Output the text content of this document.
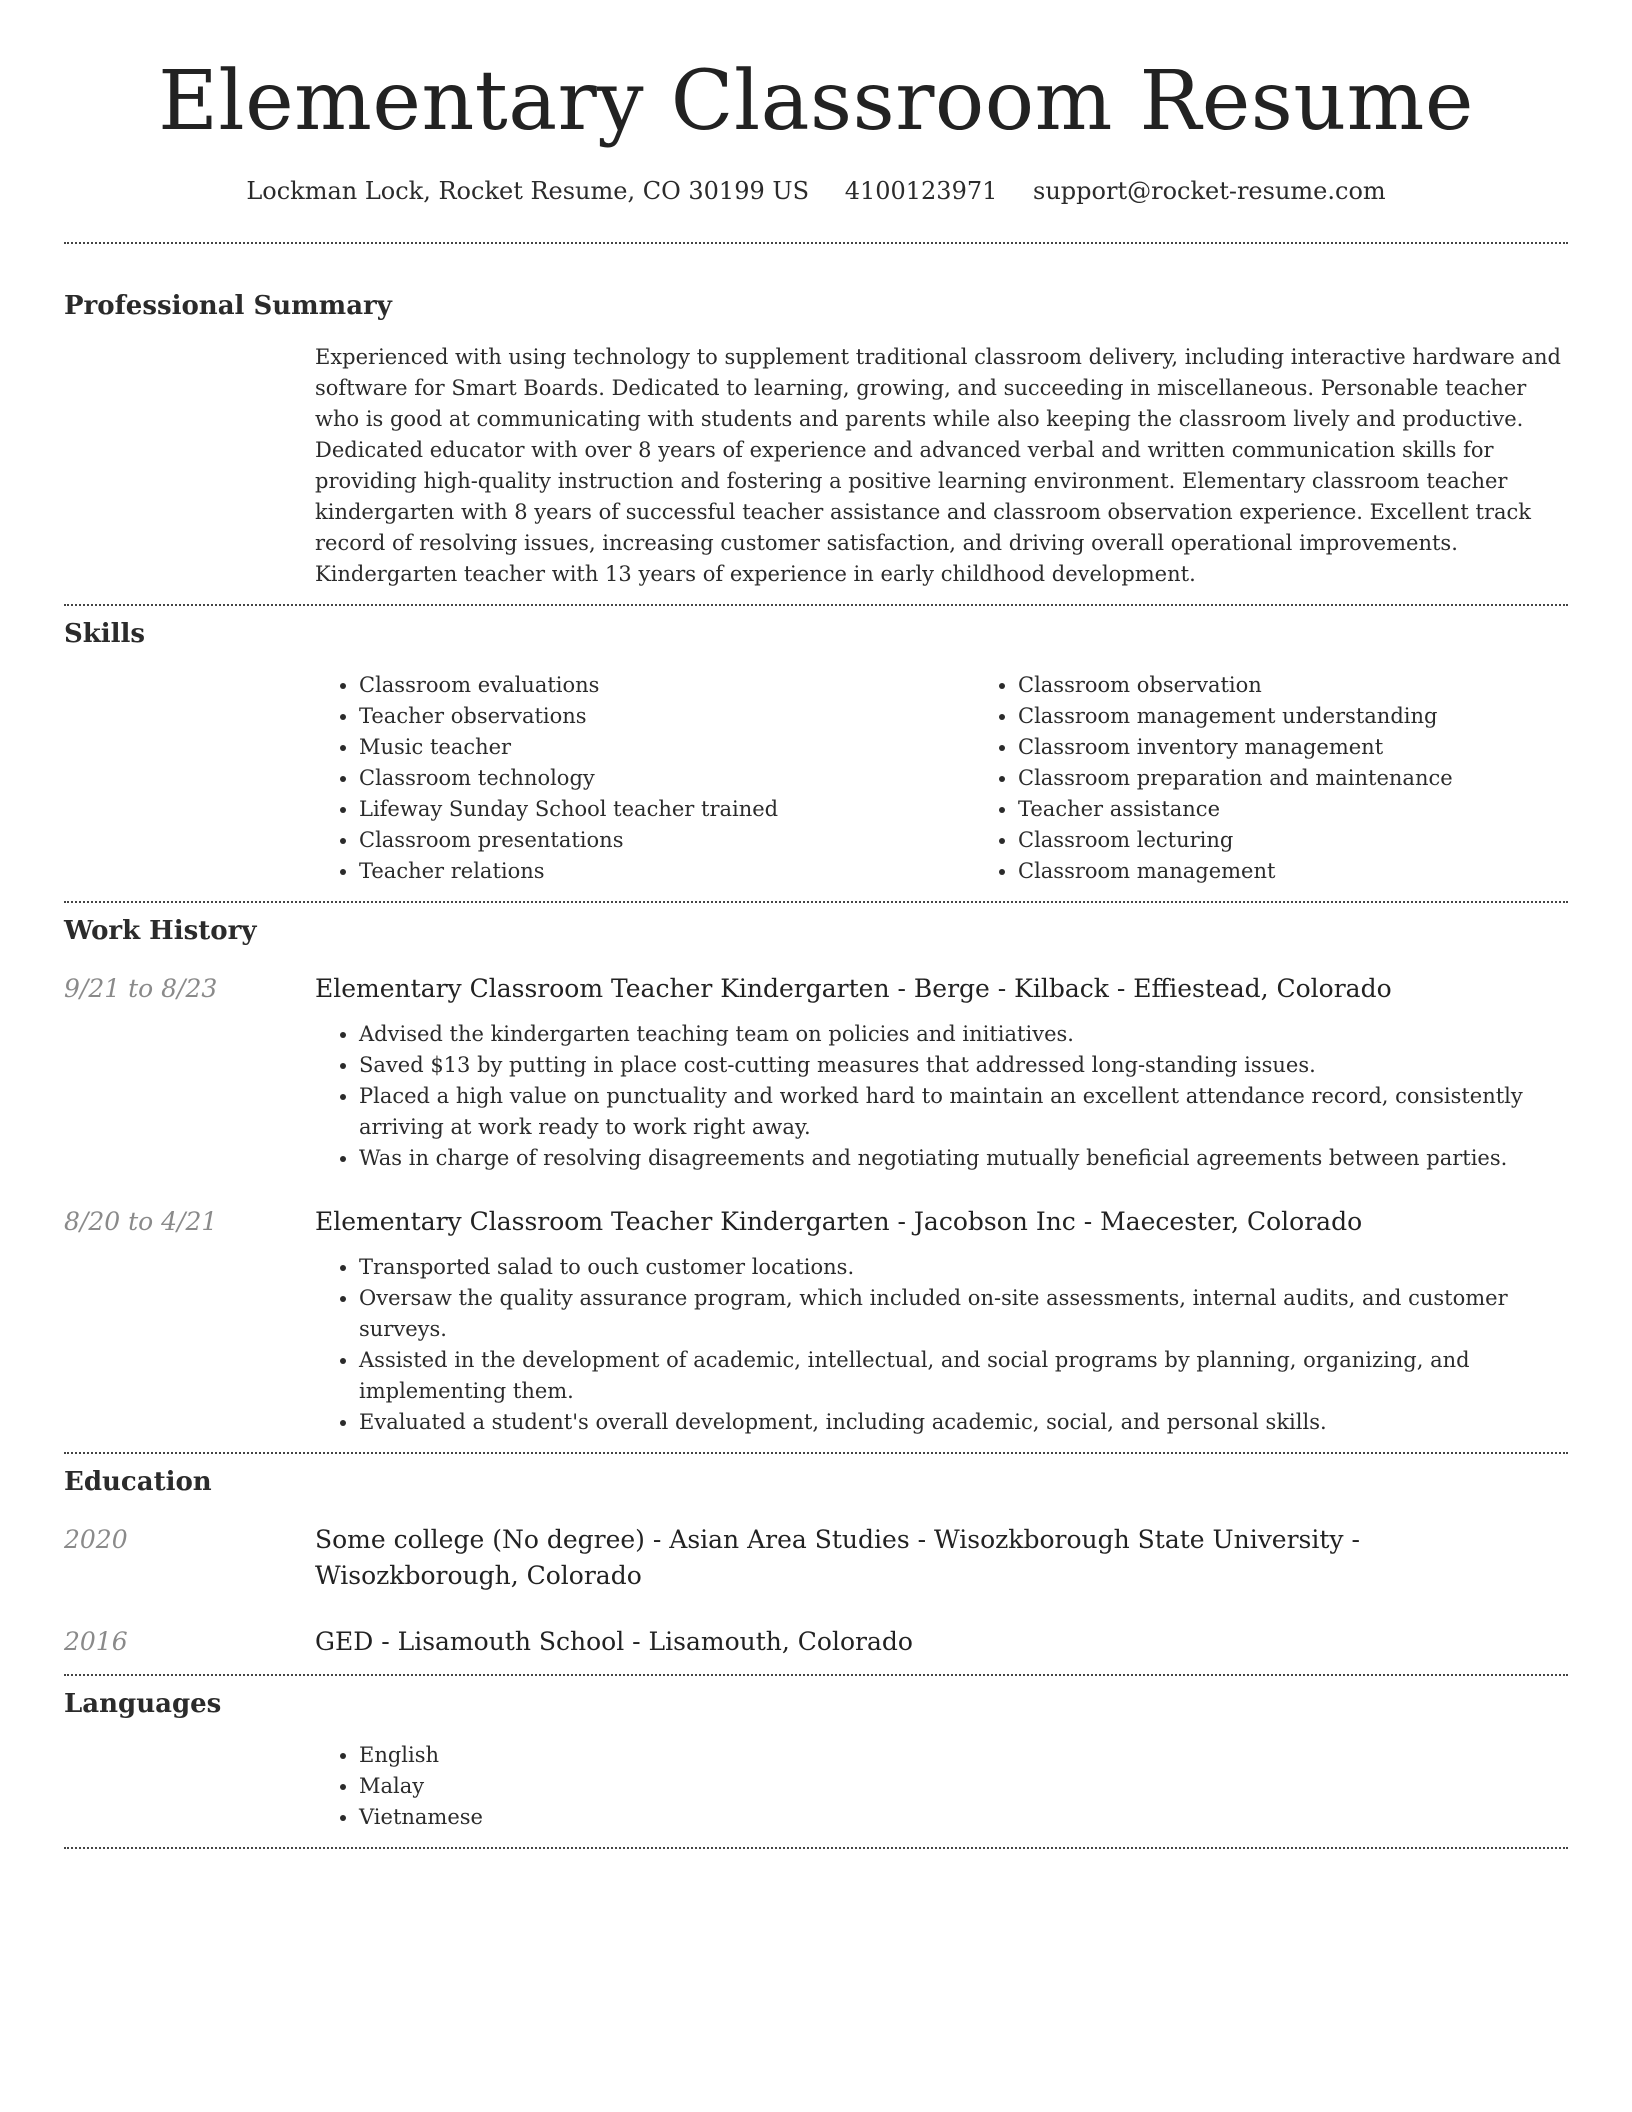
Elementary Classroom Resume
Lockman Lock, Rocket Resume, CO 30199 US 4100123971 support@rocket-resume.com
Professional Summary

Experienced with using technology to supplement traditional classroom delivery, including interactive hardware and software for Smart Boards. Dedicated to learning, growing, and succeeding in miscellaneous. Personable teacher who is good at communicating with students and parents while also keeping the classroom lively and productive. Dedicated educator with over 8 years of experience and advanced verbal and written communication skills for providing high-quality instruction and fostering a positive learning environment. Elementary classroom teacher kindergarten with 8 years of successful teacher assistance and classroom observation experience. Excellent track record of resolving issues, increasing customer satisfaction, and driving overall operational improvements. Kindergarten teacher with 13 years of experience in early childhood development.

Skills
• Classroom evaluations
• Teacher observations
• Music teacher
• Classroom technology
• Lifeway Sunday School teacher trained
• Classroom presentations
• Teacher relations
• Classroom observation
• Classroom management understanding
• Classroom inventory management
• Classroom preparation and maintenance
• Teacher assistance
• Classroom lecturing
• Classroom management
Work History
9/21 to 8/23	Elementary Classroom Teacher Kindergarten - Berge - Kilback - Effiestead, Colorado
• Advised the kindergarten teaching team on policies and initiatives.
• Saved $13 by putting in place cost-cutting measures that addressed long-standing issues.
• Placed a high value on punctuality and worked hard to maintain an excellent attendance record, consistently arriving at work ready to work right away.
• Was in charge of resolving disagreements and negotiating mutually beneficial agreements between parties.
8/20 to 4/21	Elementary Classroom Teacher Kindergarten - Jacobson Inc - Maecester, Colorado
• Transported salad to ouch customer locations.
• Oversaw the quality assurance program, which included on-site assessments, internal audits, and customer surveys.
• Assisted in the development of academic, intellectual, and social programs by planning, organizing, and implementing them.
• Evaluated a student's overall development, including academic, social, and personal skills.
Education
2020	Some college (No degree) - Asian Area Studies - Wisozkborough State University - Wisozkborough, Colorado
2016	GED - Lisamouth School - Lisamouth, Colorado
Languages
• English
• Malay
• Vietnamese
